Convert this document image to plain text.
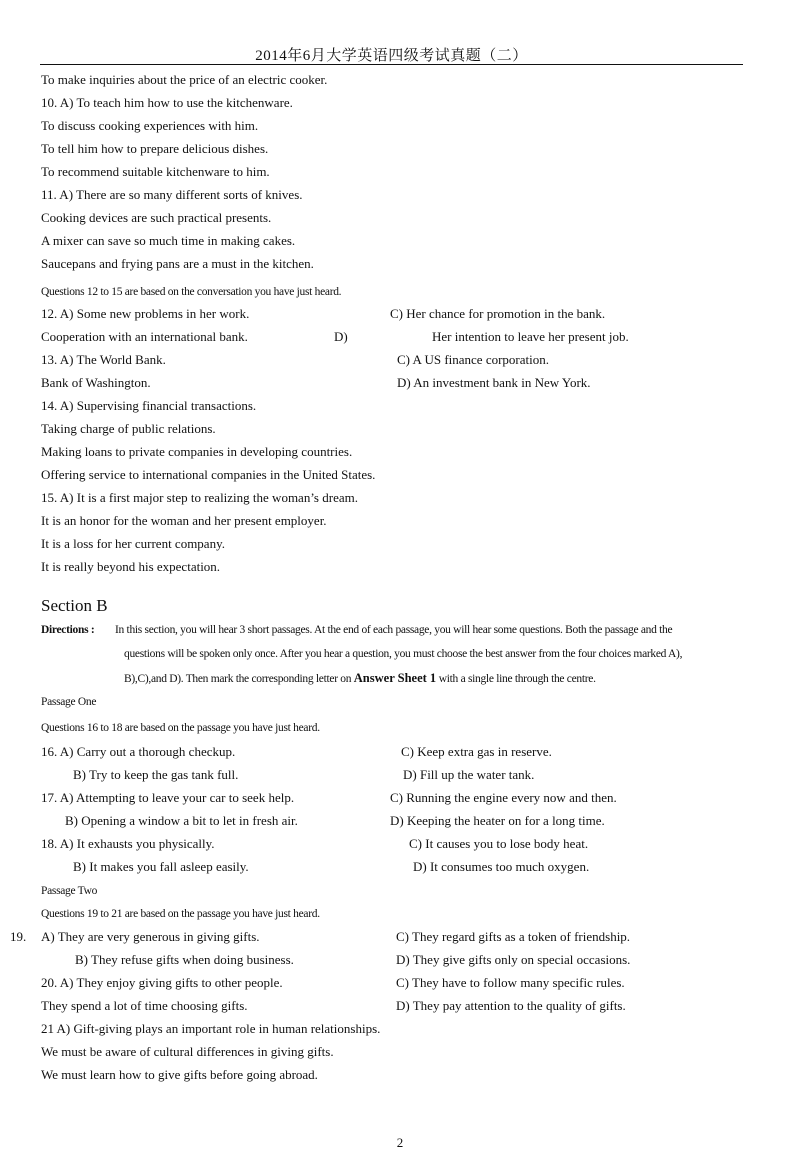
2014年6月大学英语四级考试真题（二）
To make inquiries about the price of an electric cooker.
10. A) To teach him how to use the kitchenware.
To discuss cooking experiences with him.
To tell him how to prepare delicious dishes.
To recommend suitable kitchenware to him.
11. A) There are so many different sorts of knives.
Cooking devices are such practical presents.
A mixer can save so much time in making cakes.
Saucepans and frying pans are a must in the kitchen.
Questions 12 to 15 are based on the conversation you have just heard.
12. A) Some new problems in her work.	C) Her chance for promotion in the bank.
Cooperation with an international bank.	D)	Her intention to leave her present job.
13. A) The World Bank.	C) A US finance corporation.
Bank of Washington.	D) An investment bank in New York.
14. A) Supervising financial transactions.
Taking charge of public relations.
Making loans to private companies in developing countries.
Offering service to international companies in the United States.
15. A) It is a first major step to realizing the woman’s dream.
It is an honor for the woman and her present employer.
It is a loss for her current company.
It is really beyond his expectation.
Section B
Directions : In this section, you will hear 3 short passages. At the end of each passage, you will hear some questions. Both the passage and the
questions will be spoken only once. After you hear a question, you must choose the best answer from the four choices marked A),
B),C),and D). Then mark the corresponding letter on Answer Sheet 1 with a single line through the centre.
Passage One
Questions 16 to 18 are based on the passage you have just heard.
16. A) Carry out a thorough checkup.	C) Keep extra gas in reserve.
B) Try to keep the gas tank full.	D) Fill up the water tank.
17. A) Attempting to leave your car to seek help.	C) Running the engine every now and then.
B) Opening a window a bit to let in fresh air.	D) Keeping the heater on for a long time.
18. A) It exhausts you physically.	C) It causes you to lose body heat.
B) It makes you fall asleep easily.	D) It consumes too much oxygen.
Passage Two
Questions 19 to 21 are based on the passage you have just heard.
19. A) They are very generous in giving gifts.	C) They regard gifts as a token of friendship.
B) They refuse gifts when doing business.	D) They give gifts only on special occasions.
20. A) They enjoy giving gifts to other people.	C) They have to follow many specific rules.
They spend a lot of time choosing gifts.	D) They pay attention to the quality of gifts.
21 A) Gift-giving plays an important role in human relationships.
We must be aware of cultural differences in giving gifts.
We must learn how to give gifts before going abroad.
2
